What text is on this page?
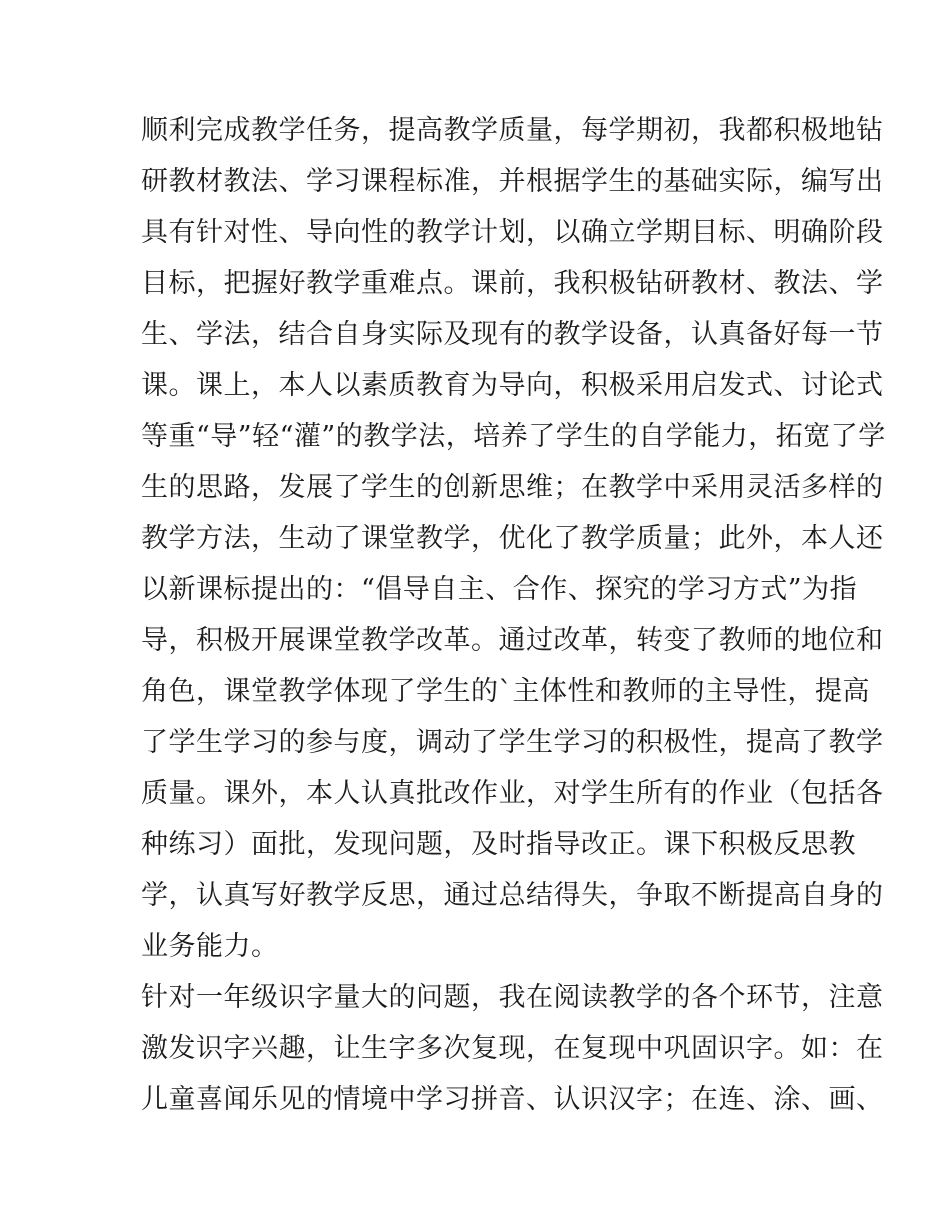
顺利完成教学任务，提高教学质量，每学期初，我都积极地钻
研教材教法、学习课程标准，并根据学生的基础实际，编写出
具有针对性、导向性的教学计划，以确立学期目标、明确阶段
目标，把握好教学重难点。课前，我积极钻研教材、教法、学
生、学法，结合自身实际及现有的教学设备，认真备好每一节
课。课上，本人以素质教育为导向，积极采用启发式、讨论式
等重“导”轻“灌”的教学法，培养了学生的自学能力，拓宽了学
生的思路，发展了学生的创新思维；在教学中采用灵活多样的
教学方法，生动了课堂教学，优化了教学质量；此外，本人还
以新课标提出的：“倡导自主、合作、探究的学习方式”为指
导，积极开展课堂教学改革。通过改革，转变了教师的地位和
角色，课堂教学体现了学生的`主体性和教师的主导性，提高
了学生学习的参与度，调动了学生学习的积极性，提高了教学
质量。课外，本人认真批改作业，对学生所有的作业（包括各
种练习）面批，发现问题，及时指导改正。课下积极反思教
学，认真写好教学反思，通过总结得失，争取不断提高自身的
业务能力。
针对一年级识字量大的问题，我在阅读教学的各个环节，注意
激发识字兴趣，让生字多次复现，在复现中巩固识字。如：在
儿童喜闻乐见的情境中学习拼音、认识汉字；在连、涂、画、
